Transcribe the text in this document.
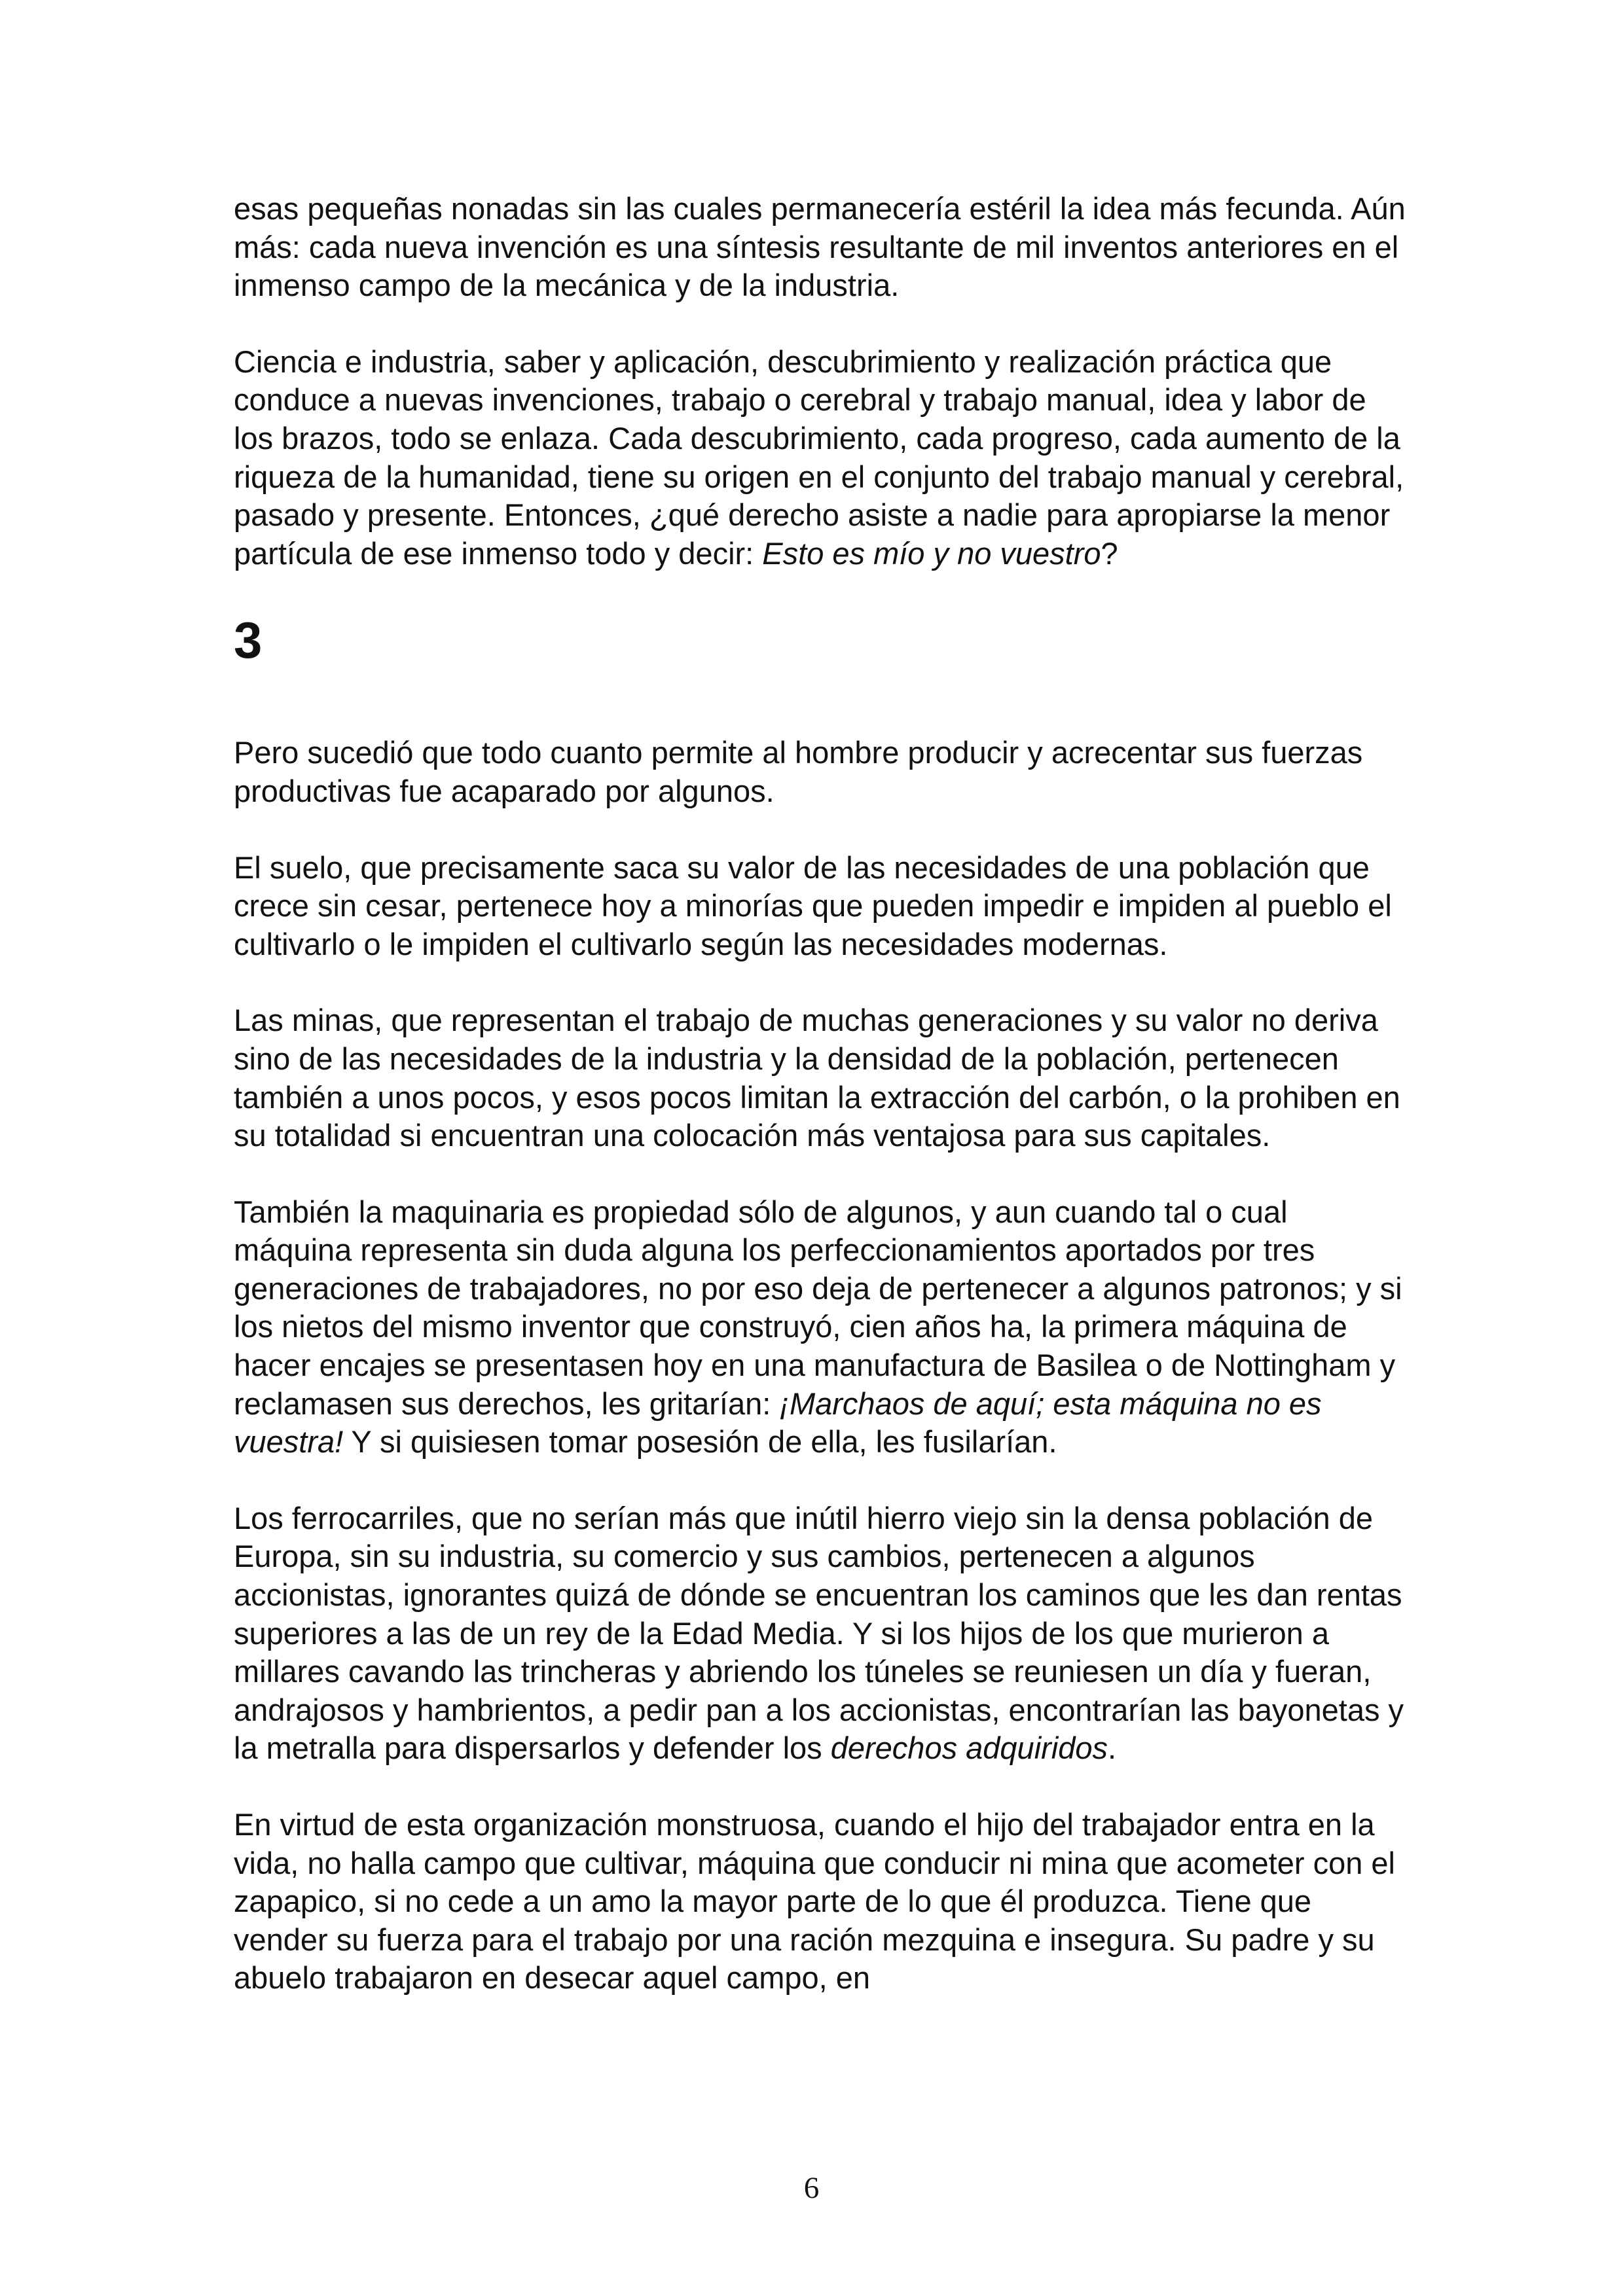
esas pequeñas nonadas sin las cuales permanecería estéril la idea más fecunda. Aún más: cada nueva invención es una síntesis resultante de mil inventos anteriores en el inmenso campo de la mecánica y de la industria.

Ciencia e industria, saber y aplicación, descubrimiento y realización práctica que conduce a nuevas invenciones, trabajo o cerebral y trabajo manual, idea y labor de los brazos, todo se enlaza. Cada descubrimiento, cada progreso, cada aumento de la riqueza de la humanidad, tiene su origen en el conjunto del trabajo manual y cerebral, pasado y presente. Entonces, ¿qué derecho asiste a nadie para apropiarse la menor partícula de ese inmenso todo y decir: Esto es mío y no vuestro?

3

Pero sucedió que todo cuanto permite al hombre producir y acrecentar sus fuerzas productivas fue acaparado por algunos.

El suelo, que precisamente saca su valor de las necesidades de una población que crece sin cesar, pertenece hoy a minorías que pueden impedir e impiden al pueblo el cultivarlo o le impiden el cultivarlo según las necesidades modernas.

Las minas, que representan el trabajo de muchas generaciones y su valor no deriva sino de las necesidades de la industria y la densidad de la población, pertenecen también a unos pocos, y esos pocos limitan la extracción del carbón, o la prohiben en su totalidad si encuentran una colocación más ventajosa para sus capitales.

También la maquinaria es propiedad sólo de algunos, y aun cuando tal o cual máquina representa sin duda alguna los perfeccionamientos aportados por tres generaciones de trabajadores, no por eso deja de pertenecer a algunos patronos; y si los nietos del mismo inventor que construyó, cien años ha, la primera máquina de hacer encajes se presentasen hoy en una manufactura de Basilea o de Nottingham y reclamasen sus derechos, les gritarían: ¡Marchaos de aquí; esta máquina no es vuestra! Y si quisiesen tomar posesión de ella, les fusilarían.

Los ferrocarriles, que no serían más que inútil hierro viejo sin la densa población de Europa, sin su industria, su comercio y sus cambios, pertenecen a algunos accionistas, ignorantes quizá de dónde se encuentran los caminos que les dan rentas superiores a las de un rey de la Edad Media. Y si los hijos de los que murieron a millares cavando las trincheras y abriendo los túneles se reuniesen un día y fueran, andrajosos y hambrientos, a pedir pan a los accionistas, encontrarían las bayonetas y la metralla para dispersarlos y defender los derechos adquiridos.

En virtud de esta organización monstruosa, cuando el hijo del trabajador entra en la vida, no halla campo que cultivar, máquina que conducir ni mina que acometer con el zapapico, si no cede a un amo la mayor parte de lo que él produzca. Tiene que vender su fuerza para el trabajo por una ración mezquina e insegura. Su padre y su abuelo trabajaron en desecar aquel campo, en

6
